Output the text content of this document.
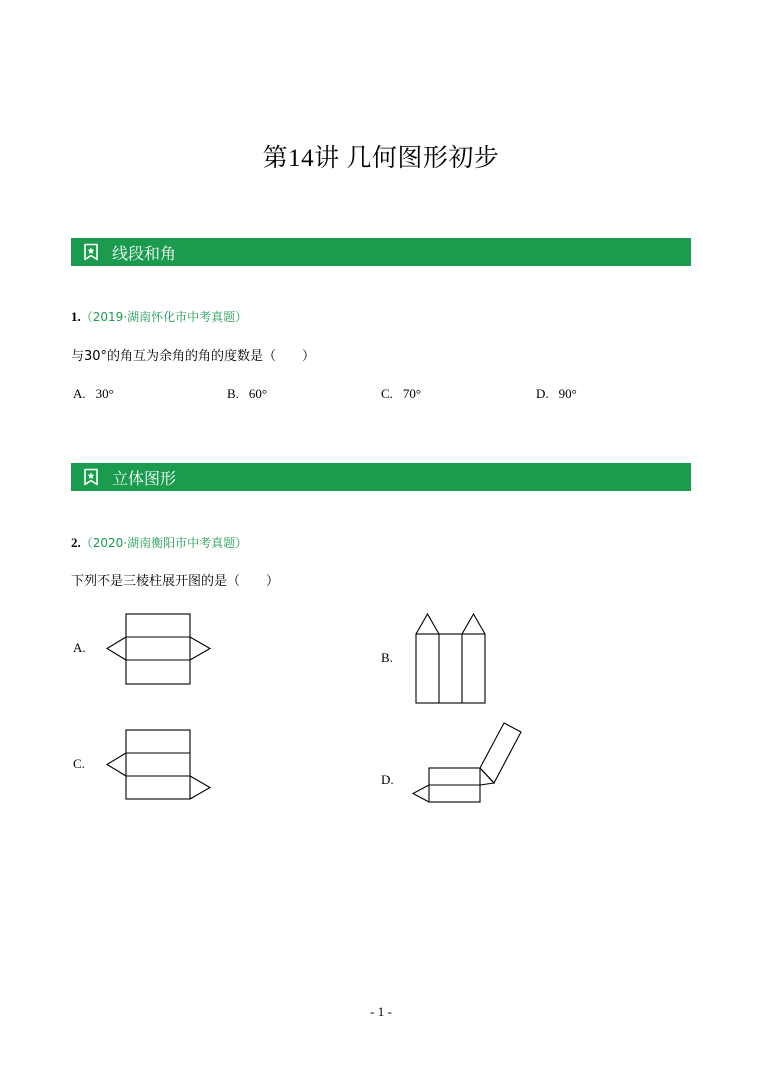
第14讲 几何图形初步
线段和角
1.（2019·湖南怀化市中考真题）
与30°的角互为余角的角的度数是（　　）
A. 30°	B. 60°	C. 70°	D. 90°
立体图形
2.（2020·湖南衡阳市中考真题）
下列不是三棱柱展开图的是（　　）
A.
B.
C.
D.
- 1 -
